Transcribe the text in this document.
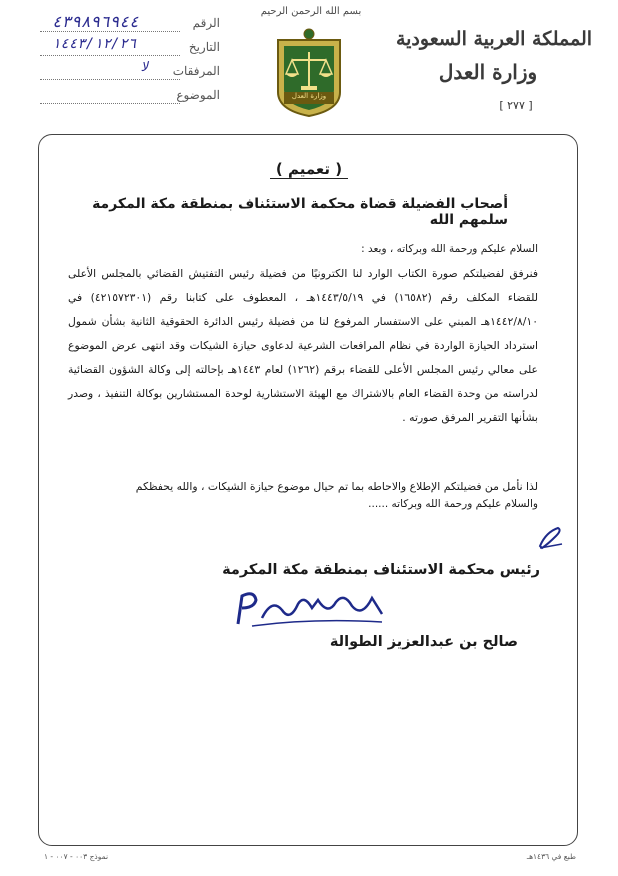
بسم الله الرحمن الرحيم
وزارة العدل
المملكة العربية السعودية
وزارة العدل
[ ٢٧٧ ]
الرقم
٤٣٩٨٩٦٩٤٤
التاريخ
١٤٤٣/١٢/٢٦
المرفقات
لا
الموضوع
( تعميم )
أصحاب الفضيلة قضاة محكمة الاستئناف بمنطقة مكة المكرمة سلمهم الله
السلام عليكم ورحمة الله وبركاته ، وبعد :
فنرفق لفضيلتكم صورة الكتاب الوارد لنا الكترونيًا من فضيلة رئيس التفتيش القضائي بالمجلس الأعلى للقضاء المكلف رقم (١٦٥٨٢) في ١٤٤٣/٥/١٩هـ ، المعطوف على كتابنا رقم (٤٢١٥٧٢٣٠١) في ١٤٤٢/٨/١٠هـ المبني على الاستفسار المرفوع لنا من فضيلة رئيس الدائرة الحقوقية الثانية بشأن شمول استرداد الحيازة الواردة في نظام المرافعات الشرعية لدعاوى حيازة الشيكات وقد انتهى عرض الموضوع على معالي رئيس المجلس الأعلى للقضاء برقم (١٢٦٢) لعام ١٤٤٣هـ بإحالته إلى وكالة الشؤون القضائية لدراسته من وحدة القضاء العام بالاشتراك مع الهيئة الاستشارية لوحدة المستشارين بوكالة التنفيذ ، وصدر بشأنها التقرير المرفق صورته .
لذا نأمل من فضيلتكم الإطلاع والاحاطه بما تم حيال موضوع حيازة الشيكات ، والله يحفظكم
والسلام عليكم ورحمة الله وبركاته ......
رئيس محكمة الاستئناف بمنطقة مكة المكرمة
صالح بن عبدالعزيز الطوالة
طبع في ١٤٣٦هـ
نموذج ٠٠٣ - ٠٠٧ - ١
